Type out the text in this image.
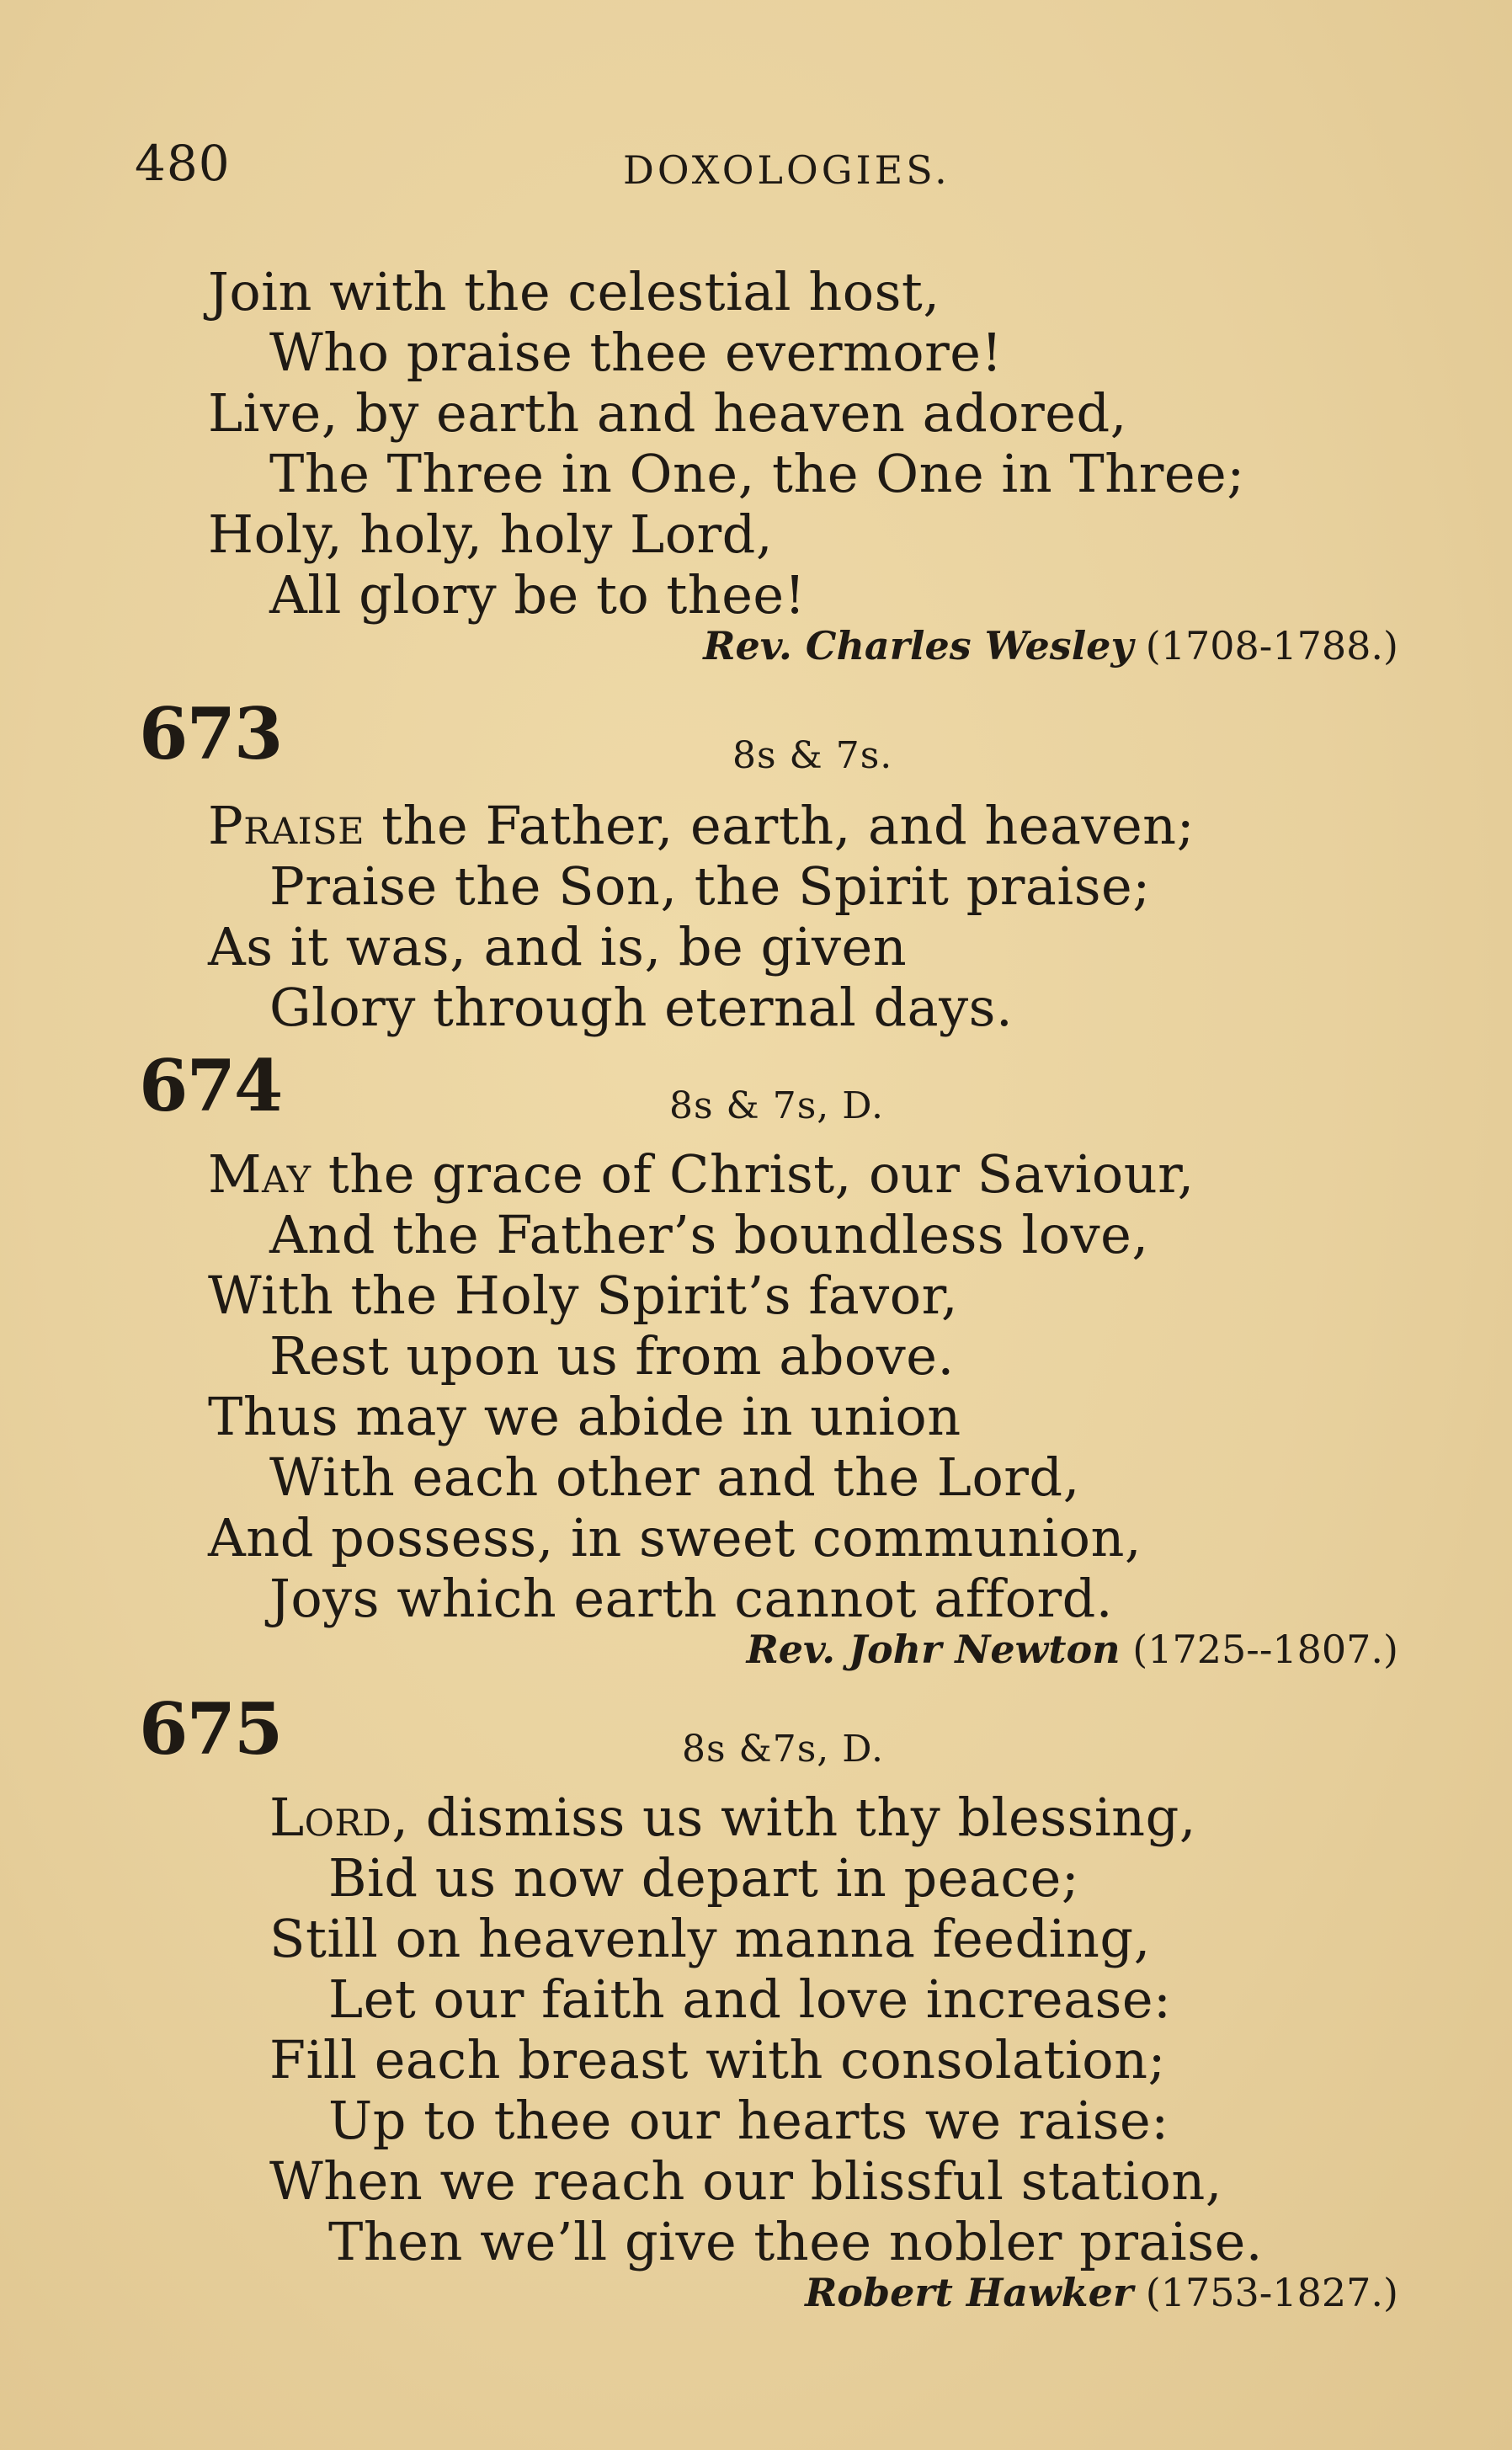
480	DOXOLOGIES.
Join with the celestial host,
Who praise thee evermore!
Live, by earth and heaven adored,
The Three in One, the One in Three;
Holy, holy, holy Lord,
All glory be to thee!
Rev. Charles Wesley (1708-1788.)
673	8s & 7s.
Praise the Father, earth, and heaven;
Praise the Son, the Spirit praise;
As it was, and is, be given
Glory through eternal days.
674	8s & 7s, D.
May the grace of Christ, our Saviour,
And the Father’s boundless love,
With the Holy Spirit’s favor,
Rest upon us from above.
Thus may we abide in union
With each other and the Lord,
And possess, in sweet communion,
Joys which earth cannot afford.
Rev. Johr Newton (1725--1807.)
675	8s &7s, D.
Lord, dismiss us with thy blessing,
Bid us now depart in peace;
Still on heavenly manna feeding,
Let our faith and love increase:
Fill each breast with consolation;
Up to thee our hearts we raise:
When we reach our blissful station,
Then we’ll give thee nobler praise.
Robert Hawker (1753-1827.)
